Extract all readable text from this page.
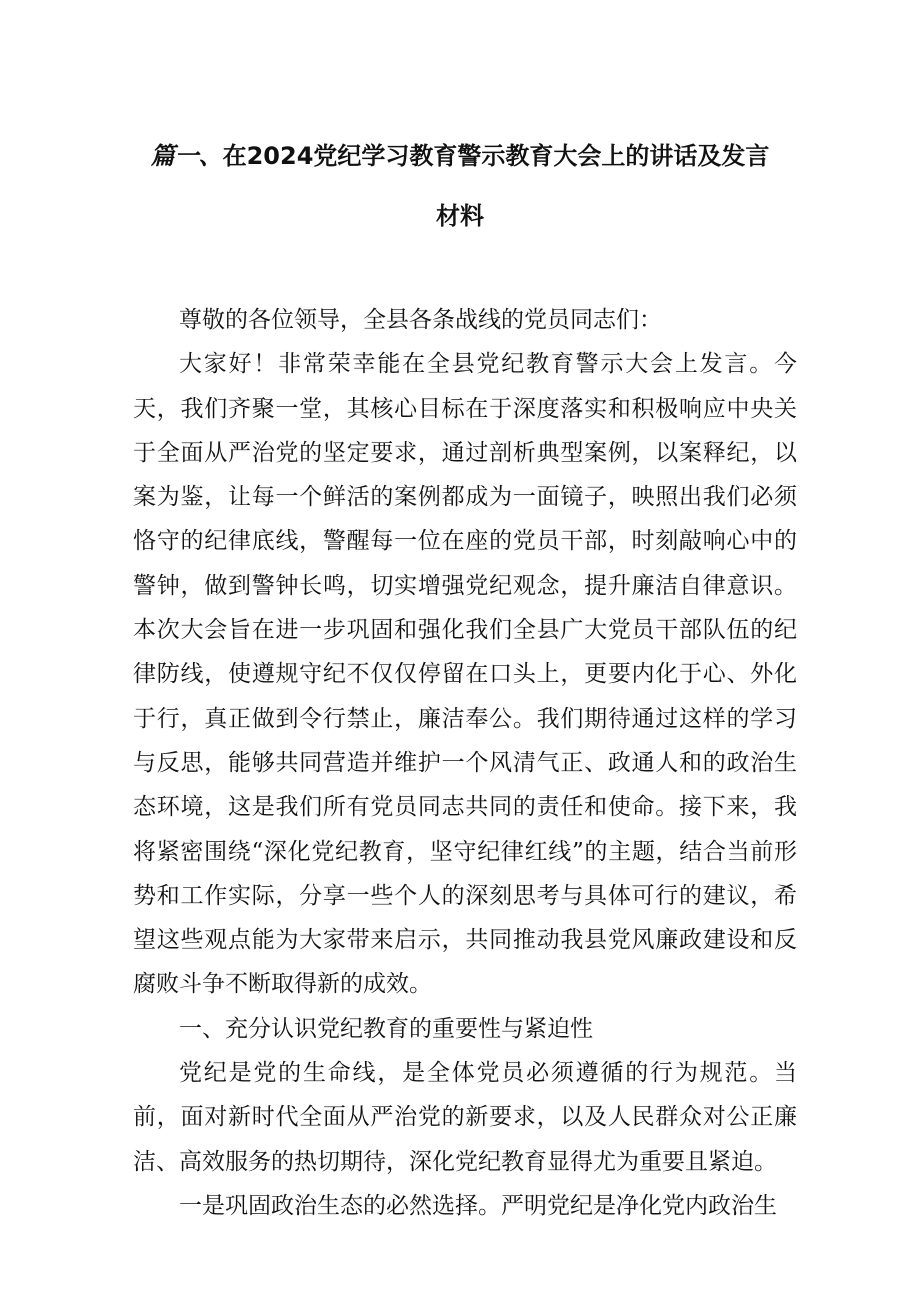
篇一、在2024党纪学习教育警示教育大会上的讲话及发言
材料

尊敬的各位领导，全县各条战线的党员同志们：

大家好！非常荣幸能在全县党纪教育警示大会上发言。今天，我们齐聚一堂，其核心目标在于深度落实和积极响应中央关于全面从严治党的坚定要求，通过剖析典型案例，以案释纪，以案为鉴，让每一个鲜活的案例都成为一面镜子，映照出我们必须恪守的纪律底线，警醒每一位在座的党员干部，时刻敲响心中的警钟，做到警钟长鸣，切实增强党纪观念，提升廉洁自律意识。本次大会旨在进一步巩固和强化我们全县广大党员干部队伍的纪律防线，使遵规守纪不仅仅停留在口头上，更要内化于心、外化于行，真正做到令行禁止，廉洁奉公。我们期待通过这样的学习与反思，能够共同营造并维护一个风清气正、政通人和的政治生态环境，这是我们所有党员同志共同的责任和使命。接下来，我将紧密围绕“深化党纪教育，坚守纪律红线”的主题，结合当前形势和工作实际，分享一些个人的深刻思考与具体可行的建议，希望这些观点能为大家带来启示，共同推动我县党风廉政建设和反腐败斗争不断取得新的成效。

一、充分认识党纪教育的重要性与紧迫性

党纪是党的生命线，是全体党员必须遵循的行为规范。当前，面对新时代全面从严治党的新要求，以及人民群众对公正廉洁、高效服务的热切期待，深化党纪教育显得尤为重要且紧迫。

一是巩固政治生态的必然选择。严明党纪是净化党内政治生
